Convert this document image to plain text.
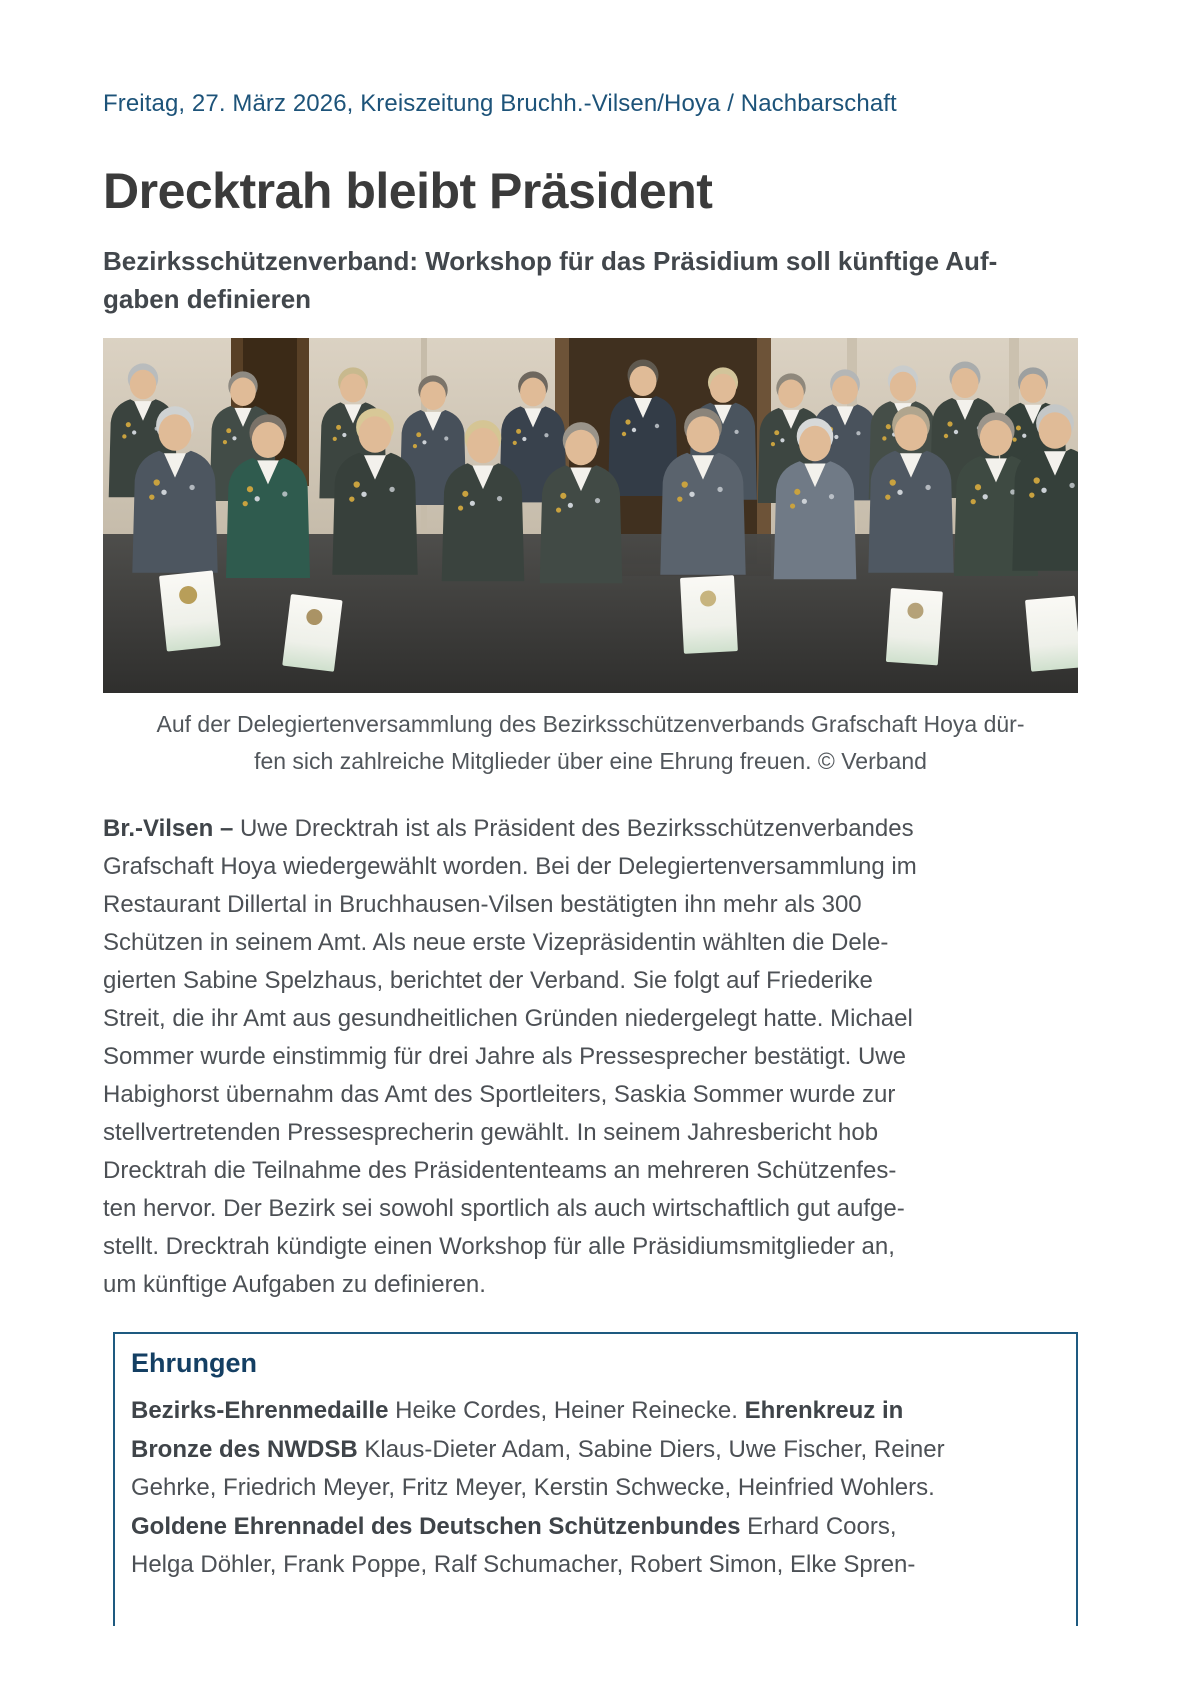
Freitag, 27. März 2026, Kreiszeitung Bruchh.-Vilsen/Hoya / Nachbarschaft
Drecktrah bleibt Präsident
Bezirksschützenverband: Workshop für das Präsidium soll künftige Auf-
gaben definieren
Auf der Delegiertenversammlung des Bezirksschützenverbands Grafschaft Hoya dür-
fen sich zahlreiche Mitglieder über eine Ehrung freuen. © Verband
Br.-Vilsen – Uwe Drecktrah ist als Präsident des Bezirksschützenverbandes
Grafschaft Hoya wiedergewählt worden. Bei der Delegiertenversammlung im
Restaurant Dillertal in Bruchhausen-Vilsen bestätigten ihn mehr als 300
Schützen in seinem Amt. Als neue erste Vizepräsidentin wählten die Dele-
gierten Sabine Spelzhaus, berichtet der Verband. Sie folgt auf Friederike
Streit, die ihr Amt aus gesundheitlichen Gründen niedergelegt hatte. Michael
Sommer wurde einstimmig für drei Jahre als Pressesprecher bestätigt. Uwe
Habighorst übernahm das Amt des Sportleiters, Saskia Sommer wurde zur
stellvertretenden Pressesprecherin gewählt. In seinem Jahresbericht hob
Drecktrah die Teilnahme des Präsidententeams an mehreren Schützenfes-
ten hervor. Der Bezirk sei sowohl sportlich als auch wirtschaftlich gut aufge-
stellt. Drecktrah kündigte einen Workshop für alle Präsidiumsmitglieder an,
um künftige Aufgaben zu definieren.
Ehrungen
Bezirks-Ehrenmedaille Heike Cordes, Heiner Reinecke. Ehrenkreuz in
Bronze des NWDSB Klaus-Dieter Adam, Sabine Diers, Uwe Fischer, Reiner
Gehrke, Friedrich Meyer, Fritz Meyer, Kerstin Schwecke, Heinfried Wohlers.
Goldene Ehrennadel des Deutschen Schützenbundes Erhard Coors,
Helga Döhler, Frank Poppe, Ralf Schumacher, Robert Simon, Elke Spren-
